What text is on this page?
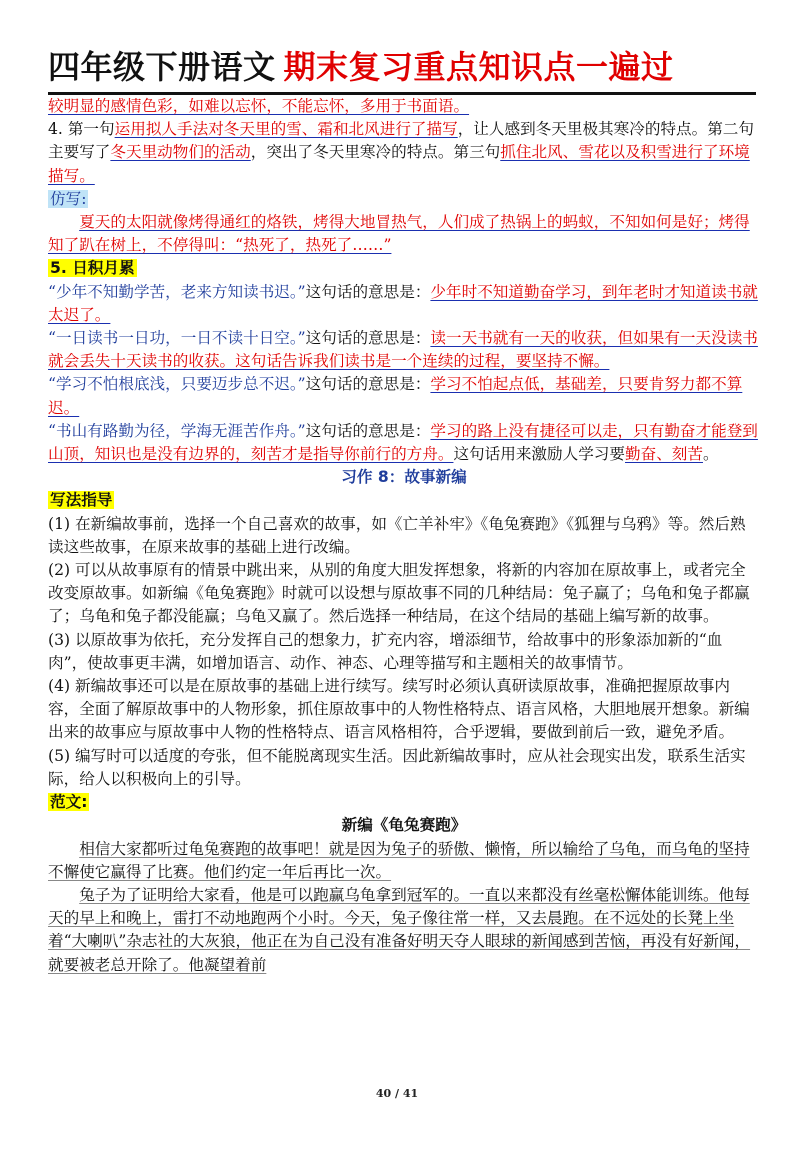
四年级下册语文 期末复习重点知识点一遍过

较明显的感情色彩，如难以忘怀，不能忘怀，多用于书面语。

4. 第一句运用拟人手法对冬天里的雪、霜和北风进行了描写，让人感到冬天里极其寒冷的特点。第二句主要写了冬天里动物们的活动，突出了冬天里寒冷的特点。第三句抓住北风、雪花以及积雪进行了环境描写。

仿写:

夏天的太阳就像烤得通红的烙铁，烤得大地冒热气，人们成了热锅上的蚂蚁，不知如何是好；烤得知了趴在树上，不停得叫：“热死了，热死了……”

5. 日积月累

“少年不知勤学苦，老来方知读书迟。”这句话的意思是：少年时不知道勤奋学习，到年老时才知道读书就太迟了。

“一日读书一日功，一日不读十日空。”这句话的意思是：读一天书就有一天的收获，但如果有一天没读书就会丢失十天读书的收获。这句话告诉我们读书是一个连续的过程，要坚持不懈。

“学习不怕根底浅，只要迈步总不迟。”这句话的意思是：学习不怕起点低，基础差，只要肯努力都不算迟。

“书山有路勤为径，学海无涯苦作舟。”这句话的意思是：学习的路上没有捷径可以走，只有勤奋才能登到山顶，知识也是没有边界的，刻苦才是指导你前行的方舟。这句话用来激励人学习要勤奋、刻苦。

习作 8：故事新编

写法指导

(1) 在新编故事前，选择一个自己喜欢的故事，如《亡羊补牢》《龟兔赛跑》《狐狸与乌鸦》等。然后熟读这些故事，在原来故事的基础上进行改编。

(2) 可以从故事原有的情景中跳出来，从别的角度大胆发挥想象，将新的内容加在原故事上，或者完全改变原故事。如新编《龟兔赛跑》时就可以设想与原故事不同的几种结局：兔子赢了；乌龟和兔子都赢了；乌龟和兔子都没能赢；乌龟又赢了。然后选择一种结局，在这个结局的基础上编写新的故事。

(3) 以原故事为依托，充分发挥自己的想象力，扩充内容，增添细节，给故事中的形象添加新的“血肉”，使故事更丰满，如增加语言、动作、神态、心理等描写和主题相关的故事情节。

(4) 新编故事还可以是在原故事的基础上进行续写。续写时必须认真研读原故事，准确把握原故事内容，全面了解原故事中的人物形象，抓住原故事中的人物性格特点、语言风格，大胆地展开想象。新编出来的故事应与原故事中人物的性格特点、语言风格相符，合乎逻辑，要做到前后一致，避免矛盾。

(5) 编写时可以适度的夸张，但不能脱离现实生活。因此新编故事时，应从社会现实出发，联系生活实际，给人以积极向上的引导。

范文:

新编《龟兔赛跑》

相信大家都听过龟兔赛跑的故事吧！就是因为兔子的骄傲、懒惰，所以输给了乌龟，而乌龟的坚持不懈使它赢得了比赛。他们约定一年后再比一次。

兔子为了证明给大家看，他是可以跑赢乌龟拿到冠军的。一直以来都没有丝毫松懈体能训练。他每天的早上和晚上，雷打不动地跑两个小时。今天，兔子像往常一样，又去晨跑。在不远处的长凳上坐着“大喇叭”杂志社的大灰狼，他正在为自己没有准备好明天夺人眼球的新闻感到苦恼，再没有好新闻，就要被老总开除了。他凝望着前

40 / 41
